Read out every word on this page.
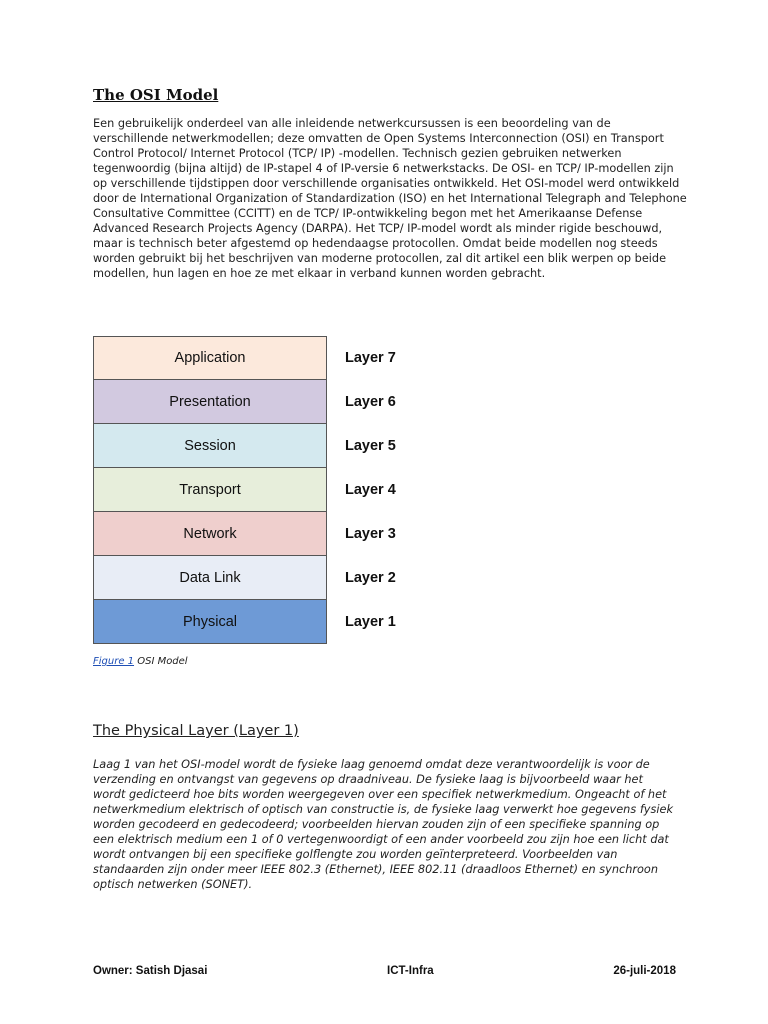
The OSI Model

Een gebruikelijk onderdeel van alle inleidende netwerkcursussen is een beoordeling van de verschillende netwerkmodellen; deze omvatten de Open Systems Interconnection (OSI) en Transport Control Protocol/ Internet Protocol (TCP/ IP) -modellen. Technisch gezien gebruiken netwerken tegenwoordig (bijna altijd) de IP-stapel 4 of IP-versie 6 netwerkstacks. De OSI- en TCP/ IP-modellen zijn op verschillende tijdstippen door verschillende organisaties ontwikkeld. Het OSI-model werd ontwikkeld door de International Organization of Standardization (ISO) en het International Telegraph and Telephone Consultative Committee (CCITT) en de TCP/ IP-ontwikkeling begon met het Amerikaanse Defense Advanced Research Projects Agency (DARPA). Het TCP/ IP-model wordt als minder rigide beschouwd, maar is technisch beter afgestemd op hedendaagse protocollen. Omdat beide modellen nog steeds worden gebruikt bij het beschrijven van moderne protocollen, zal dit artikel een blik werpen op beide modellen, hun lagen en hoe ze met elkaar in verband kunnen worden gebracht.

Application	Layer 7
Presentation	Layer 6
Session	Layer 5
Transport	Layer 4
Network	Layer 3
Data Link	Layer 2
Physical	Layer 1
Figure 1 OSI Model
The Physical Layer (Layer 1)

Laag 1 van het OSI-model wordt de fysieke laag genoemd omdat deze verantwoordelijk is voor de verzending en ontvangst van gegevens op draadniveau. De fysieke laag is bijvoorbeeld waar het wordt gedicteerd hoe bits worden weergegeven over een specifiek netwerkmedium. Ongeacht of het netwerkmedium elektrisch of optisch van constructie is, de fysieke laag verwerkt hoe gegevens fysiek worden gecodeerd en gedecodeerd; voorbeelden hiervan zouden zijn of een specifieke spanning op een elektrisch medium een 1 of 0 vertegenwoordigt of een ander voorbeeld zou zijn hoe een licht dat wordt ontvangen bij een specifieke golflengte zou worden geïnterpreteerd. Voorbeelden van standaarden zijn onder meer IEEE 802.3 (Ethernet), IEEE 802.11 (draadloos Ethernet) en synchroon optisch netwerken (SONET).

Owner: Satish Djasai	ICT-Infra	26-juli-2018
